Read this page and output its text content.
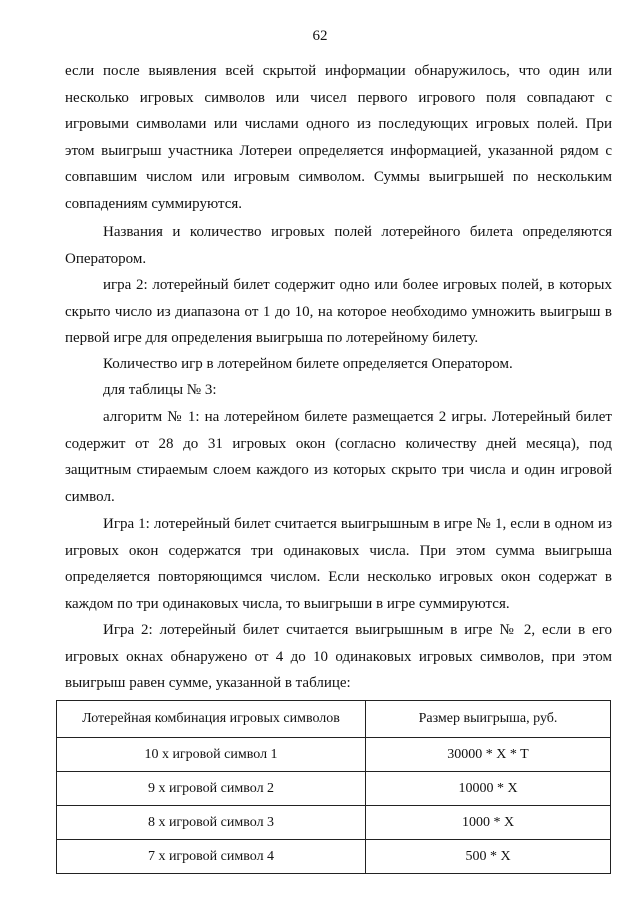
62
если после выявления всей скрытой информации обнаружилось, что один или
несколько игровых символов или чисел первого игрового поля совпадают с
игровыми символами или числами одного из последующих игровых полей. При
этом выигрыш участника Лотереи определяется информацией, указанной рядом с
совпавшим числом или игровым символом. Суммы выигрышей по нескольким
совпадениям суммируются.
Названия и количество игровых полей лотерейного билета определяются
Оператором.
игра 2: лотерейный билет содержит одно или более игровых полей, в которых
скрыто число из диапазона от 1 до 10, на которое необходимо умножить выигрыш в
первой игре для определения выигрыша по лотерейному билету.
Количество игр в лотерейном билете определяется Оператором.
для таблицы № 3:
алгоритм № 1: на лотерейном билете размещается 2 игры. Лотерейный билет
содержит от 28 до 31 игровых окон (согласно количеству дней месяца), под
защитным стираемым слоем каждого из которых скрыто три числа и один игровой
символ.
Игра 1: лотерейный билет считается выигрышным в игре № 1, если в одном из
игровых окон содержатся три одинаковых числа. При этом сумма выигрыша
определяется повторяющимся числом. Если несколько игровых окон содержат в
каждом по три одинаковых числа, то выигрыши в игре суммируются.
Игра 2: лотерейный билет считается выигрышным в игре № 2, если в его
игровых окнах обнаружено от 4 до 10 одинаковых игровых символов, при этом
выигрыш равен сумме, указанной в таблице:
Лотерейная комбинация игровых символов	Размер выигрыша, руб.
10 х игровой символ 1	30000 * X * T
9 х игровой символ 2	10000 * X
8 х игровой символ 3	1000 * X
7 х игровой символ 4	500 * X
